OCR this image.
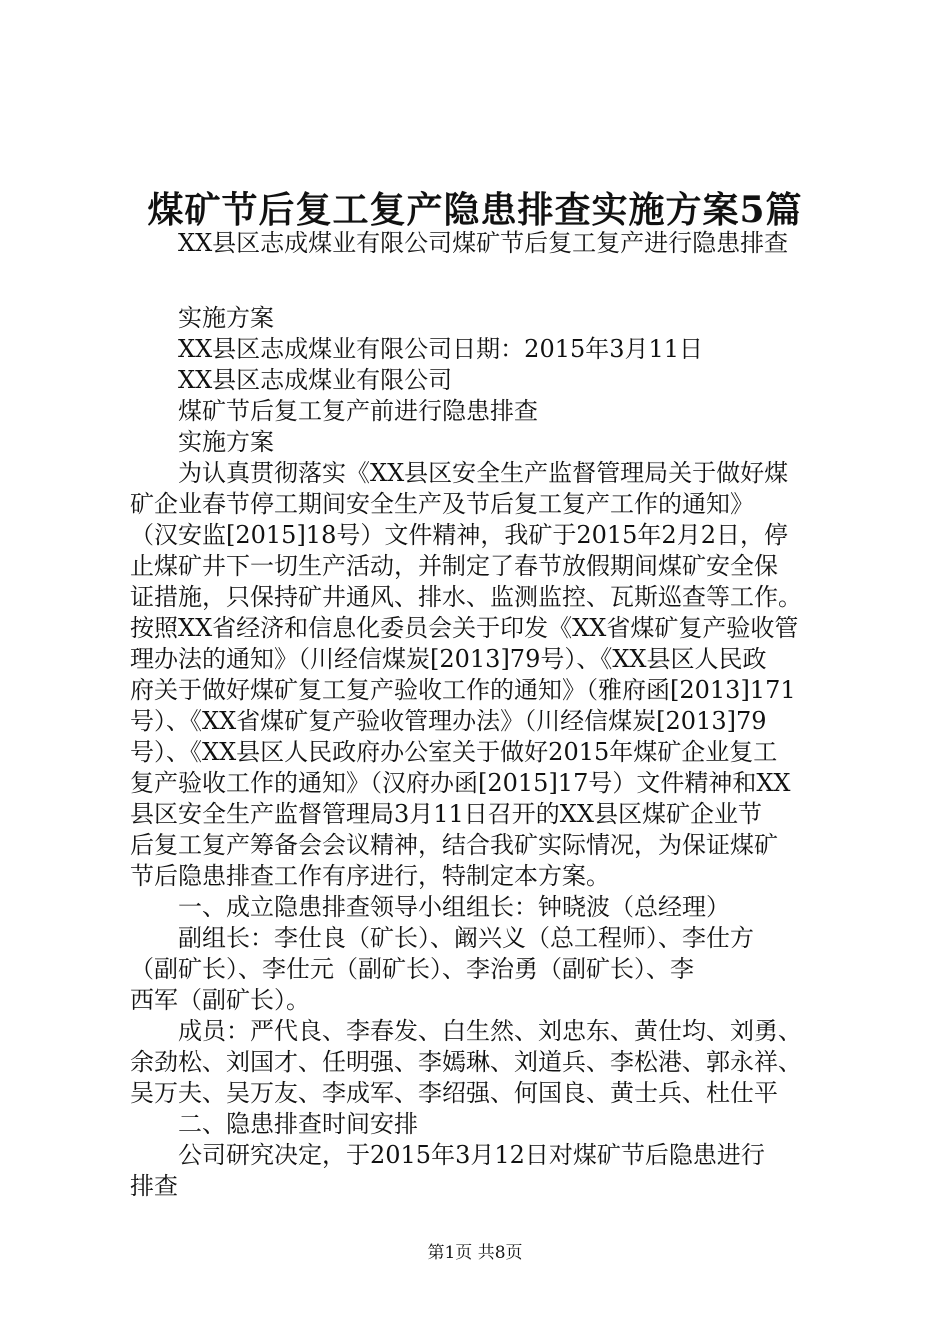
煤矿节后复工复产隐患排查实施方案5篇
XX县区志成煤业有限公司煤矿节后复工复产进行隐患排查
实施方案
XX县区志成煤业有限公司日期：2015年3月11日
XX县区志成煤业有限公司
煤矿节后复工复产前进行隐患排查
实施方案
为认真贯彻落实《XX县区安全生产监督管理局关于做好煤
矿企业春节停工期间安全生产及节后复工复产工作的通知》
（汉安监[2015]18号）文件精神，我矿于2015年2月2日，停
止煤矿井下一切生产活动，并制定了春节放假期间煤矿安全保
证措施，只保持矿井通风、排水、监测监控、瓦斯巡查等工作。
按照XX省经济和信息化委员会关于印发《XX省煤矿复产验收管
理办法的通知》（川经信煤炭[2013]79号）、《XX县区人民政
府关于做好煤矿复工复产验收工作的通知》（雅府函[2013]171
号）、《XX省煤矿复产验收管理办法》（川经信煤炭[2013]79
号）、《XX县区人民政府办公室关于做好2015年煤矿企业复工
复产验收工作的通知》（汉府办函[2015]17号）文件精神和XX
县区安全生产监督管理局3月11日召开的XX县区煤矿企业节
后复工复产筹备会会议精神，结合我矿实际情况，为保证煤矿
节后隐患排查工作有序进行，特制定本方案。
一、成立隐患排查领导小组组长：钟晓波（总经理）
副组长：李仕良（矿长）、阚兴义（总工程师）、李仕方
（副矿长）、李仕元（副矿长）、李治勇（副矿长）、李
西军（副矿长）。
成员：严代良、李春发、白生然、刘忠东、黄仕均、刘勇、
余劲松、刘国才、任明强、李嫣琳、刘道兵、李松港、郭永祥、
吴万夫、吴万友、李成军、李绍强、何国良、黄士兵、杜仕平
二、隐患排查时间安排
公司研究决定，于2015年3月12日对煤矿节后隐患进行
排查
第1页 共8页
